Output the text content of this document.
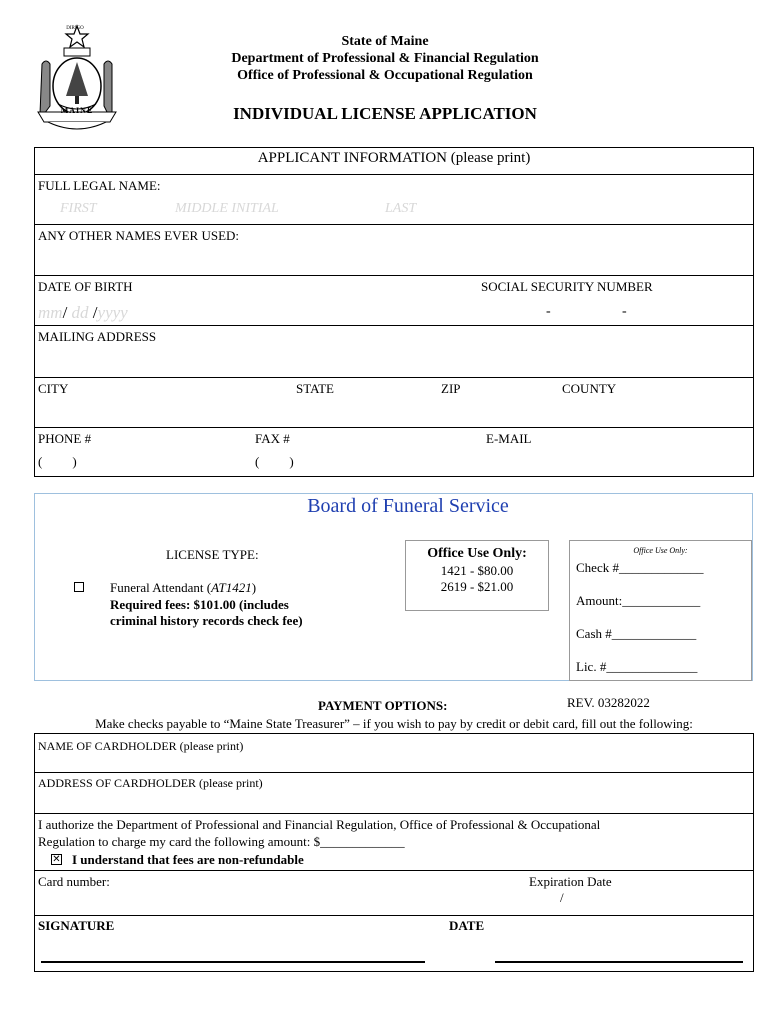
MAINE
DIRIGO
State of Maine
Department of Professional & Financial Regulation
Office of Professional & Occupational Regulation
INDIVIDUAL LICENSE APPLICATION
APPLICANT INFORMATION (please print)
FULL LEGAL NAME:
FIRST	MIDDLE INITIAL	LAST
ANY OTHER NAMES EVER USED:
DATE OF BIRTH	SOCIAL SECURITY NUMBER
mm/ dd /yyyy	-	-
MAILING ADDRESS
CITY	STATE	ZIP	COUNTY
PHONE #	FAX #	E-MAIL
( )	( )
Board of Funeral Service
LICENSE TYPE:
Funeral Attendant (AT1421)
Required fees: $101.00 (includes
criminal history records check fee)
Office Use Only:
1421 - $80.00
2619 - $21.00
Office Use Only:
Check #_____________
Amount:____________
Cash #_____________
Lic. #______________
PAYMENT OPTIONS:	REV. 03282022
Make checks payable to “Maine State Treasurer” – if you wish to pay by credit or debit card, fill out the following:
NAME OF CARDHOLDER (please print)
ADDRESS OF CARDHOLDER (please print)
I authorize the Department of Professional and Financial Regulation, Office of Professional & Occupational
Regulation to charge my card the following amount: $_____________
✕ I understand that fees are non-refundable
Card number:	Expiration Date
/
SIGNATURE	DATE
